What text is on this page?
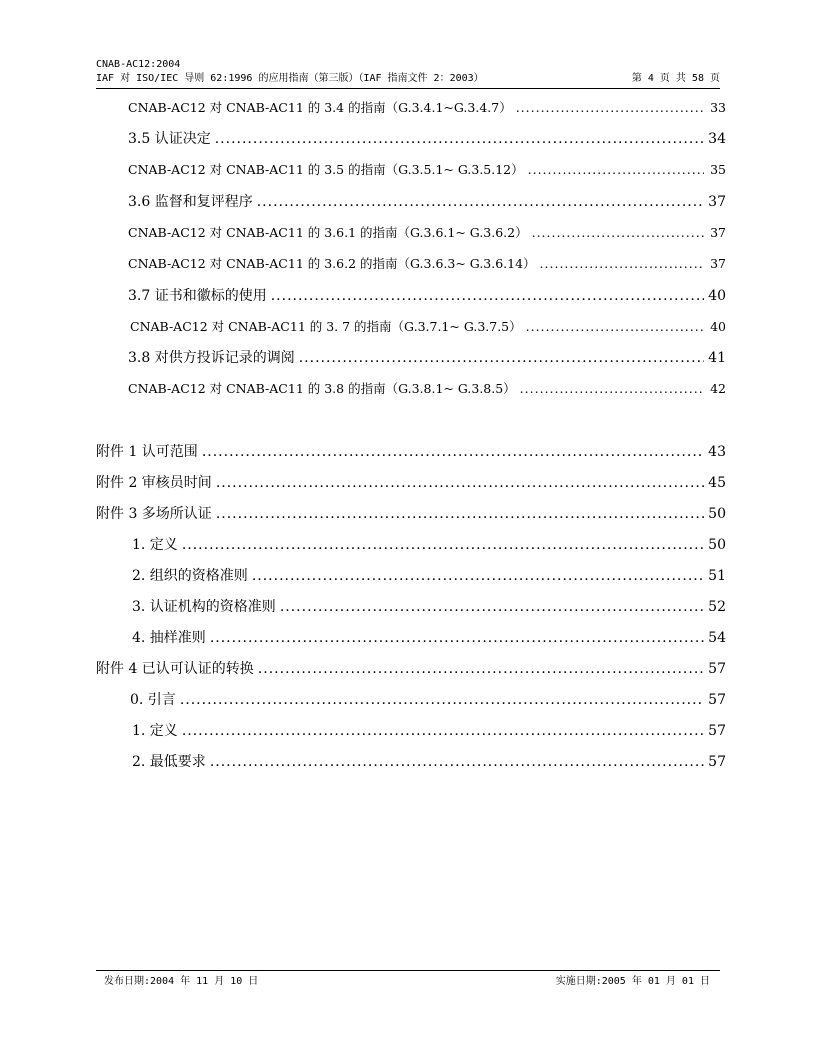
CNAB-AC12:2004
IAF 对 ISO/IEC 导则 62:1996 的应用指南（第三版）（IAF 指南文件 2：2003）	第 4 页 共 58 页
CNAB-AC12 对 CNAB-AC11 的 3.4 的指南（G.3.4.1~G.3.4.7） .....	33
3.5 认证决定 .....	34
CNAB-AC12 对 CNAB-AC11 的 3.5 的指南（G.3.5.1~ G.3.5.12） .....	35
3.6 监督和复评程序 .....	37
CNAB-AC12 对 CNAB-AC11 的 3.6.1 的指南（G.3.6.1~ G.3.6.2） .....	37
CNAB-AC12 对 CNAB-AC11 的 3.6.2 的指南（G.3.6.3~ G.3.6.14） .....	37
3.7 证书和徽标的使用 .....	40
CNAB-AC12 对 CNAB-AC11 的 3. 7 的指南（G.3.7.1~ G.3.7.5） .....	40
3.8 对供方投诉记录的调阅 .....	41
CNAB-AC12 对 CNAB-AC11 的 3.8 的指南（G.3.8.1~ G.3.8.5） .....	42
附件 1 认可范围 .....	43
附件 2 审核员时间 .....	45
附件 3 多场所认证 .....	50
1. 定义 .....	50
2. 组织的资格准则 .....	51
3. 认证机构的资格准则 .....	52
4. 抽样准则 .....	54
附件 4 已认可认证的转换 .....	57
0. 引言 .....	57
1. 定义 .....	57
2. 最低要求 .....	57
发布日期:2004 年 11 月 10 日	实施日期:2005 年 01 月 01 日
